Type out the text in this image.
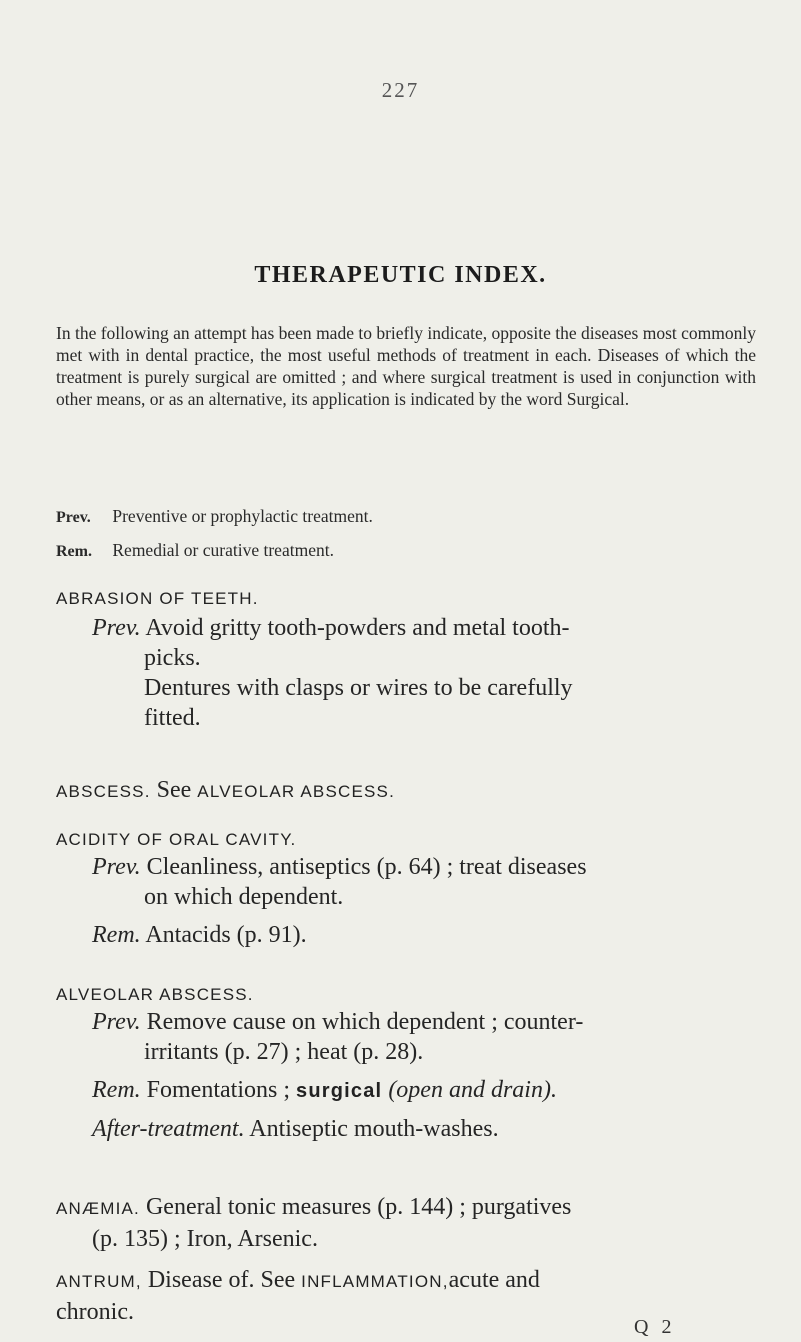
227
THERAPEUTIC INDEX.
In the following an attempt has been made to briefly indicate, opposite the diseases most commonly met with in dental practice, the most useful methods of treatment in each. Diseases of which the treatment is purely surgical are omitted ; and where surgical treatment is used in conjunction with other means, or as an alternative, its application is indicated by the word Surgical.
Prev. Preventive or prophylactic treatment.
Rem. Remedial or curative treatment.
ABRASION OF TEETH.
Prev. Avoid gritty tooth-powders and metal tooth-
picks.
Dentures with clasps or wires to be carefully
fitted.
ABSCESS. See ALVEOLAR ABSCESS.
ACIDITY OF ORAL CAVITY.
Prev. Cleanliness, antiseptics (p. 64) ; treat diseases
on which dependent.
Rem. Antacids (p. 91).
ALVEOLAR ABSCESS.
Prev. Remove cause on which dependent ; counter-
irritants (p. 27) ; heat (p. 28).
Rem. Fomentations ; surgical (open and drain).
After-treatment. Antiseptic mouth-washes.
ANÆMIA. General tonic measures (p. 144) ; purgatives
(p. 135) ; Iron, Arsenic.
ANTRUM, Disease of. See INFLAMMATION,acute and
chronic.
Q 2
